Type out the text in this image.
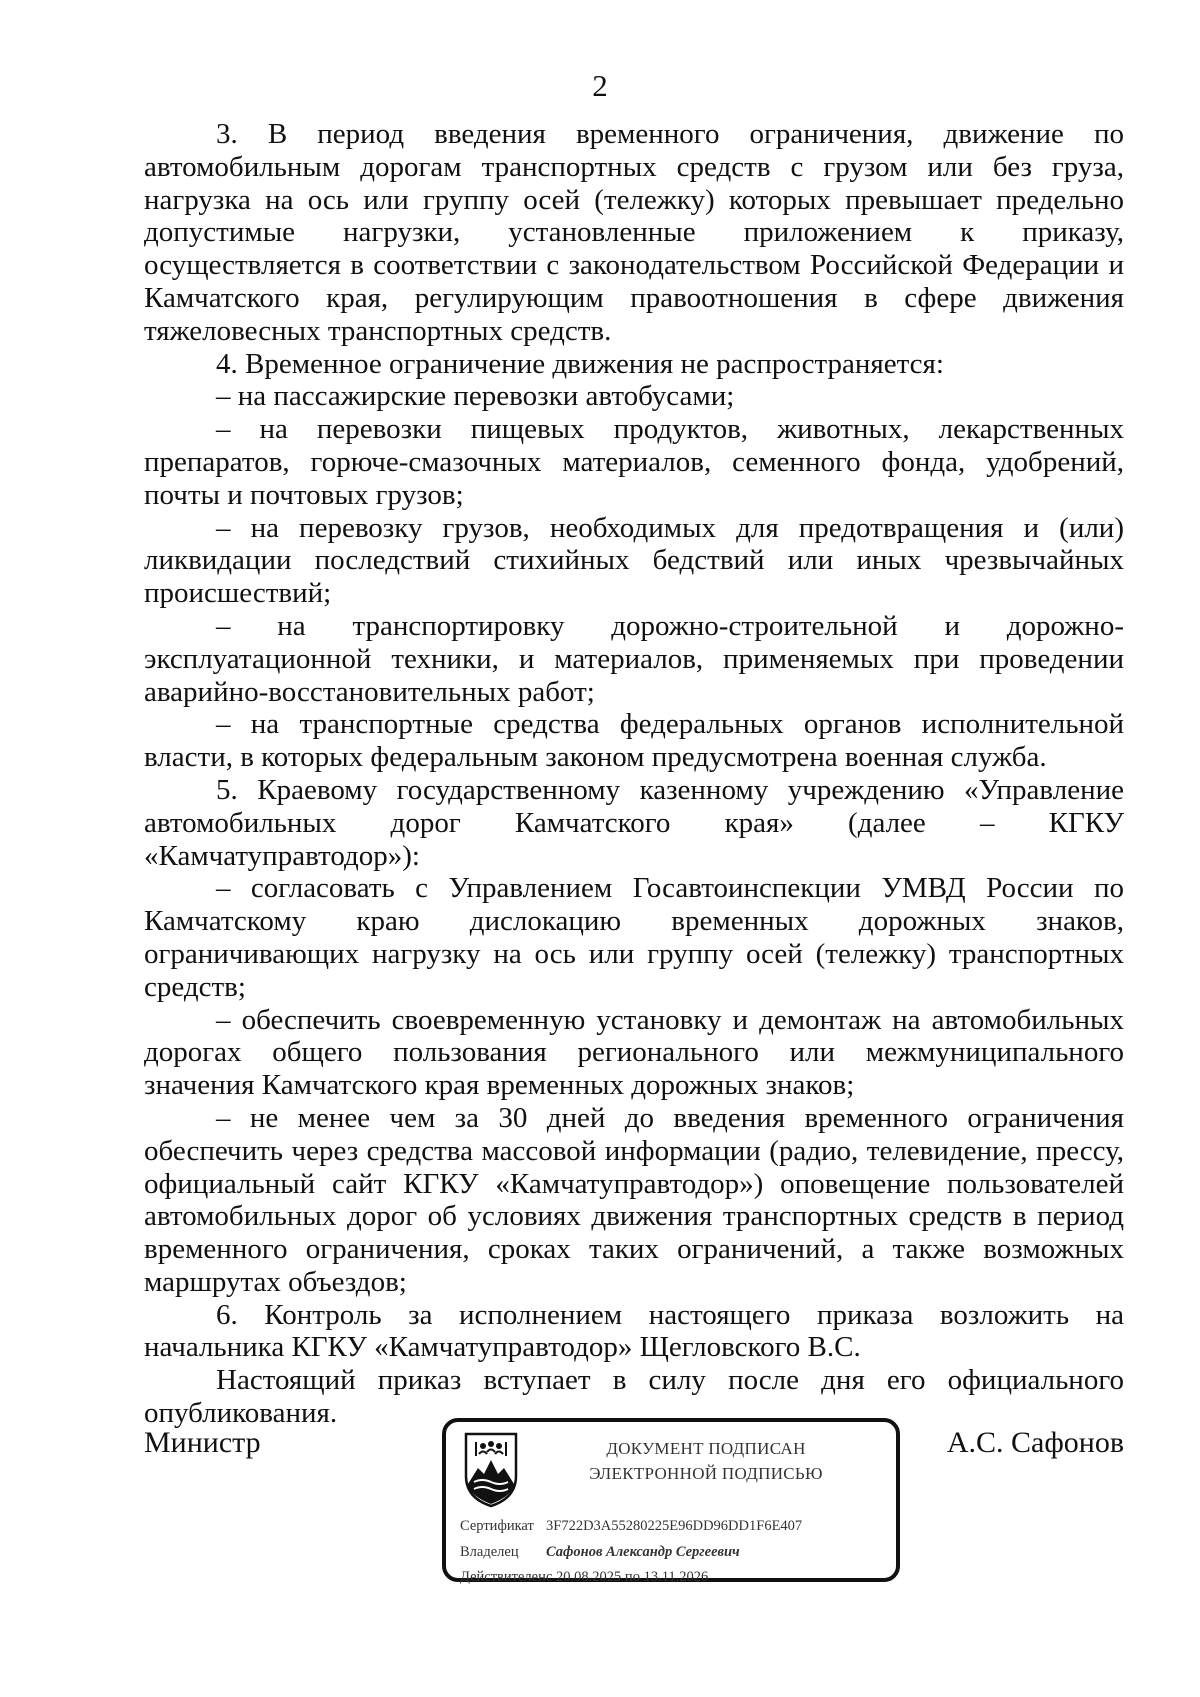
2

3. В период введения временного ограничения, движение по автомобильным дорогам транспортных средств с грузом или без груза, нагрузка на ось или группу осей (тележку) которых превышает предельно допустимые нагрузки, установленные приложением к приказу, осуществляется в соответствии с законодательством Российской Федерации и Камчатского края, регулирующим правоотношения в сфере движения тяжеловесных транспортных средств.

4. Временное ограничение движения не распространяется:

– на пассажирские перевозки автобусами;

– на перевозки пищевых продуктов, животных, лекарственных препаратов, горюче-смазочных материалов, семенного фонда, удобрений, почты и почтовых грузов;

– на перевозку грузов, необходимых для предотвращения и (или) ликвидации последствий стихийных бедствий или иных чрезвычайных происшествий;

– на транспортировку дорожно-строительной и дорожно-эксплуатационной техники, и материалов, применяемых при проведении аварийно-восстановительных работ;

– на транспортные средства федеральных органов исполнительной власти, в которых федеральным законом предусмотрена военная служба.

5. Краевому государственному казенному учреждению «Управление автомобильных дорог Камчатского края» (далее – КГКУ «Камчатуправтодор»):

– согласовать с Управлением Госавтоинспекции УМВД России по Камчатскому краю дислокацию временных дорожных знаков, ограничивающих нагрузку на ось или группу осей (тележку) транспортных средств;

– обеспечить своевременную установку и демонтаж на автомобильных дорогах общего пользования регионального или межмуниципального значения Камчатского края временных дорожных знаков;

– не менее чем за 30 дней до введения временного ограничения обеспечить через средства массовой информации (радио, телевидение, прессу, официальный сайт КГКУ «Камчатуправтодор») оповещение пользователей автомобильных дорог об условиях движения транспортных средств в период временного ограничения, сроках таких ограничений, а также возможных маршрутах объездов;

6. Контроль за исполнением настоящего приказа возложить на начальника КГКУ «Камчатуправтодор» Щегловского В.С.

Настоящий приказ вступает в силу после дня его официального опубликования.

Министр	А.С. Сафонов
ДОКУМЕНТ ПОДПИСАН
ЭЛЕКТРОННОЙ ПОДПИСЬЮ
Сертификат 3F722D3A55280225E96DD96DD1F6E407
Владелец Сафонов Александр Сергеевич
Действителенс 20.08.2025 по 13.11.2026
